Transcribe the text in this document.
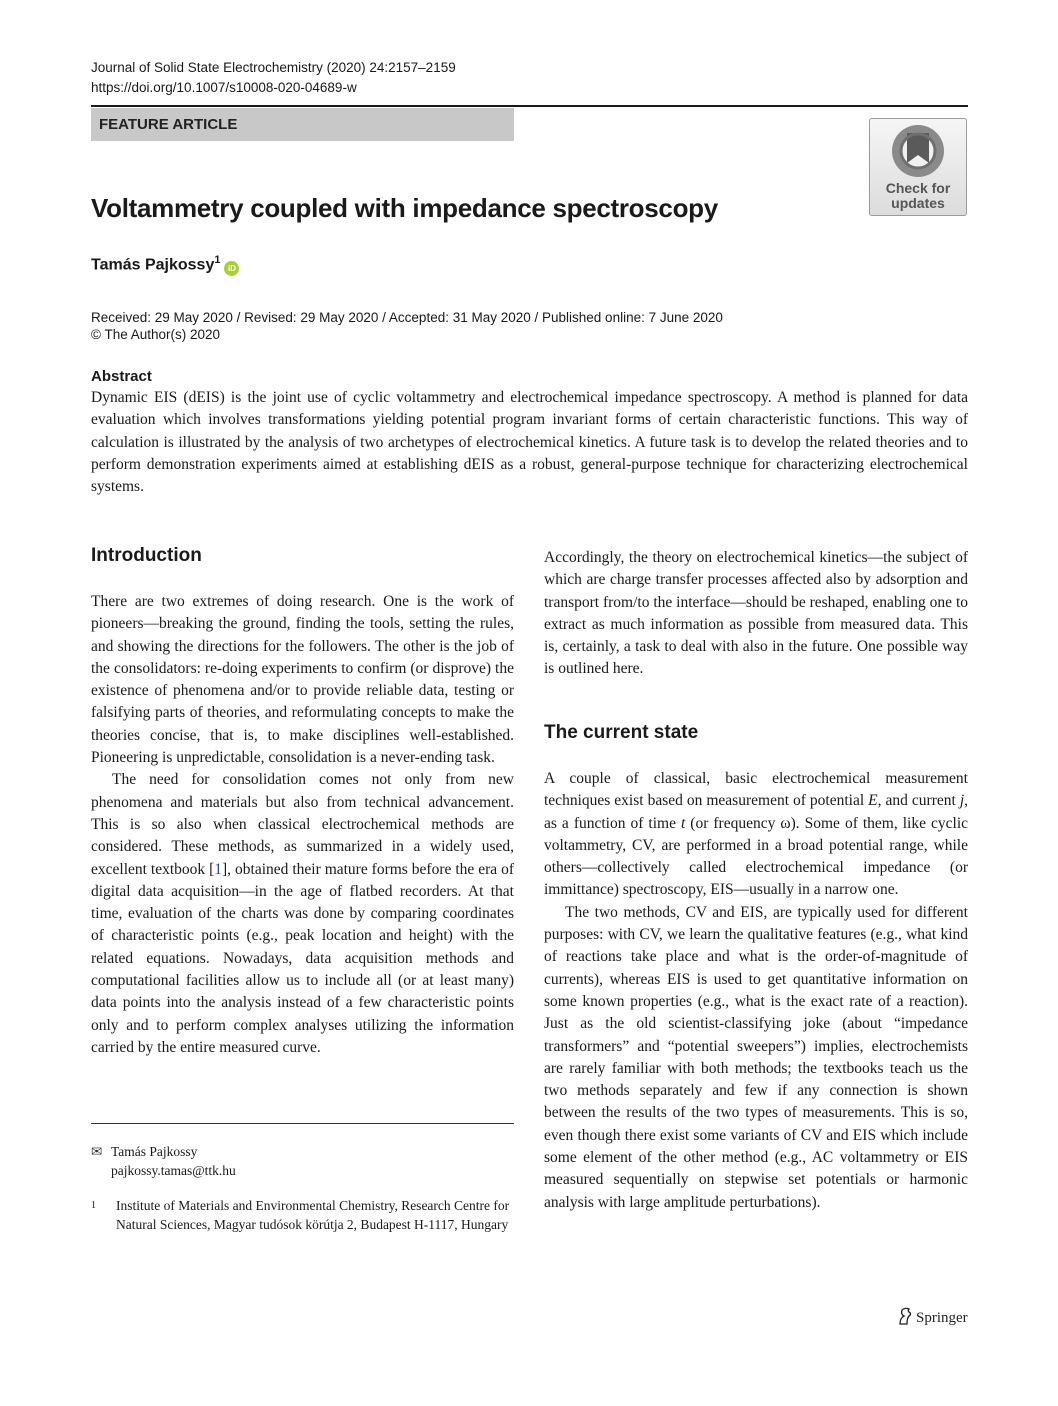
Journal of Solid State Electrochemistry (2020) 24:2157–2159
https://doi.org/10.1007/s10008-020-04689-w
FEATURE ARTICLE
Check for
updates
Voltammetry coupled with impedance spectroscopy
Tamás Pajkossy$^1$iD
Received: 29 May 2020 / Revised: 29 May 2020 / Accepted: 31 May 2020 / Published online: 7 June 2020
© The Author(s) 2020
Abstract

Dynamic EIS (dEIS) is the joint use of cyclic voltammetry and electrochemical impedance spectroscopy. A method is planned for data evaluation which involves transformations yielding potential program invariant forms of certain characteristic functions. This way of calculation is illustrated by the analysis of two archetypes of electrochemical kinetics. A future task is to develop the related theories and to perform demonstration experiments aimed at establishing dEIS as a robust, general-purpose technique for characterizing electrochemical systems.

Introduction

There are two extremes of doing research. One is the work of pioneers—breaking the ground, finding the tools, setting the rules, and showing the directions for the followers. The other is the job of the consolidators: re-doing experiments to confirm (or disprove) the existence of phenomena and/or to provide reliable data, testing or falsifying parts of theories, and reformulating concepts to make the theories concise, that is, to make disciplines well-established. Pioneering is unpredictable, consolidation is a never-ending task.

The need for consolidation comes not only from new phenomena and materials but also from technical advancement. This is so also when classical electrochemical methods are considered. These methods, as summarized in a widely used, excellent textbook [1], obtained their mature forms before the era of digital data acquisition—in the age of flatbed recorders. At that time, evaluation of the charts was done by comparing coordinates of characteristic points (e.g., peak location and height) with the related equations. Nowadays, data acquisition methods and computational facilities allow us to include all (or at least many) data points into the analysis instead of a few characteristic points only and to perform complex analyses utilizing the information carried by the entire measured curve.

✉ Tamás Pajkossy
pajkossy.tamas@ttk.hu
1 Institute of Materials and Environmental Chemistry, Research Centre for Natural Sciences, Magyar tudósok körútja 2, Budapest H-1117, Hungary

Accordingly, the theory on electrochemical kinetics—the subject of which are charge transfer processes affected also by adsorption and transport from/to the interface—should be reshaped, enabling one to extract as much information as possible from measured data. This is, certainly, a task to deal with also in the future. One possible way is outlined here.

The current state

A couple of classical, basic electrochemical measurement techniques exist based on measurement of potential E, and current j, as a function of time t (or frequency ω). Some of them, like cyclic voltammetry, CV, are performed in a broad potential range, while others—collectively called electrochemical impedance (or immittance) spectroscopy, EIS—usually in a narrow one.

The two methods, CV and EIS, are typically used for different purposes: with CV, we learn the qualitative features (e.g., what kind of reactions take place and what is the order-of-magnitude of currents), whereas EIS is used to get quantitative information on some known properties (e.g., what is the exact rate of a reaction). Just as the old scientist-classifying joke (about “impedance transformers” and “potential sweepers”) implies, electrochemists are rarely familiar with both methods; the textbooks teach us the two methods separately and few if any connection is shown between the results of the two types of measurements. This is so, even though there exist some variants of CV and EIS which include some element of the other method (e.g., AC voltammetry or EIS measured sequentially on stepwise set potentials or harmonic analysis with large amplitude perturbations).

Springer
